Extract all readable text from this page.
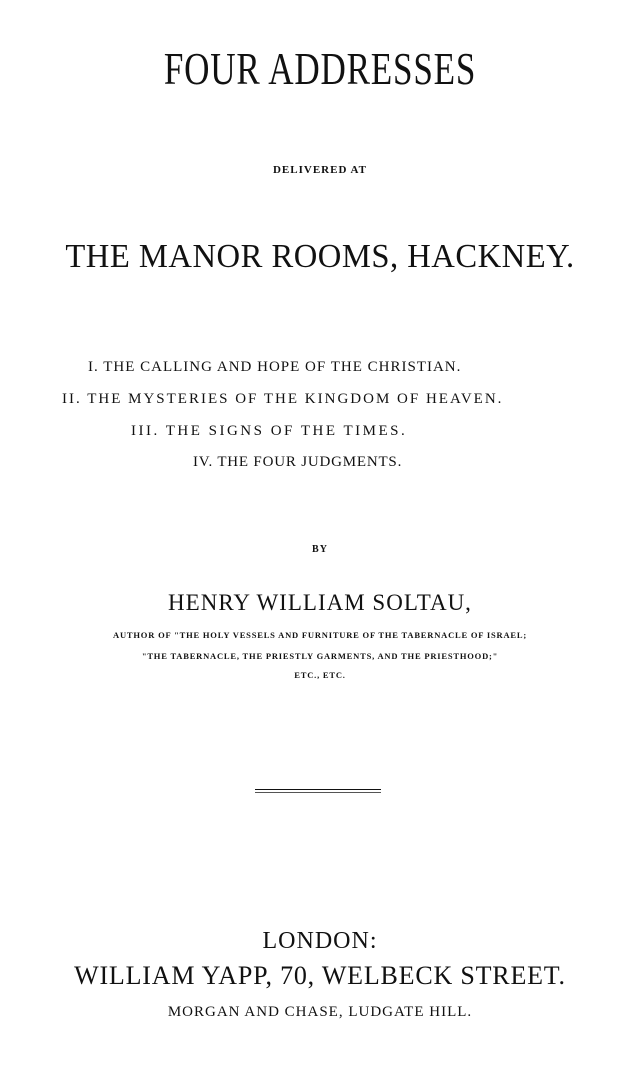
FOUR ADDRESSES
DELIVERED AT
THE MANOR ROOMS, HACKNEY.
I. THE CALLING AND HOPE OF THE CHRISTIAN.
II. THE MYSTERIES OF THE KINGDOM OF HEAVEN.
III. THE SIGNS OF THE TIMES.
IV. THE FOUR JUDGMENTS.
BY
HENRY WILLIAM SOLTAU,
AUTHOR OF "THE HOLY VESSELS AND FURNITURE OF THE TABERNACLE OF ISRAEL;
"THE TABERNACLE, THE PRIESTLY GARMENTS, AND THE PRIESTHOOD;"
ETC., ETC.
LONDON:
WILLIAM YAPP, 70, WELBECK STREET.
MORGAN AND CHASE, LUDGATE HILL.
